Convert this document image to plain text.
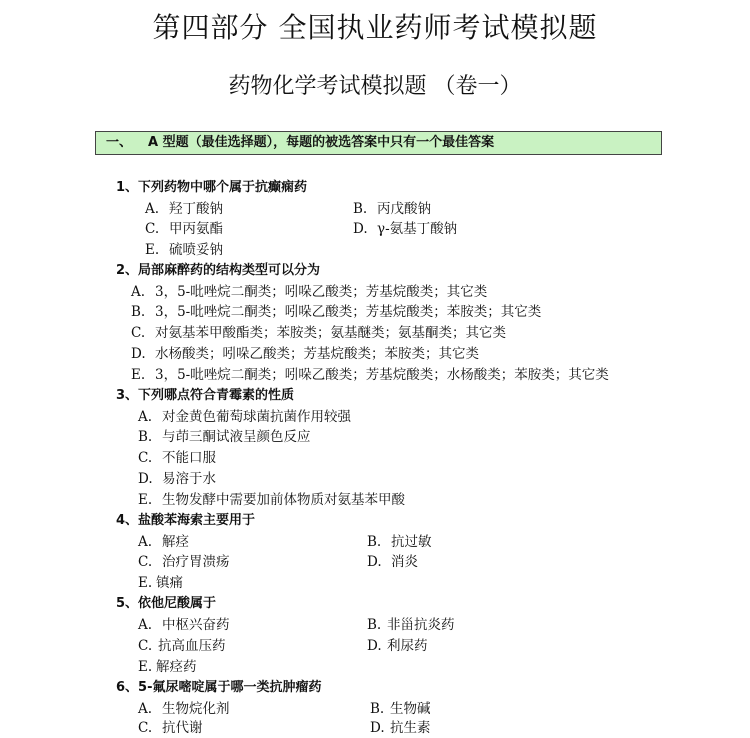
第四部分 全国执业药师考试模拟题
药物化学考试模拟题 （卷一）
一、 A 型题（最佳选择题），每题的被选答案中只有一个最佳答案
1、下列药物中哪个属于抗癫痫药
A. 羟丁酸钠	B. 丙戊酸钠
C. 甲丙氨酯	D. γ-氨基丁酸钠
E. 硫喷妥钠
2、局部麻醉药的结构类型可以分为
A. 3，5-吡唑烷二酮类；吲哚乙酸类；芳基烷酸类；其它类
B. 3，5-吡唑烷二酮类；吲哚乙酸类；芳基烷酸类；苯胺类；其它类
C. 对氨基苯甲酸酯类；苯胺类；氨基醚类；氨基酮类；其它类
D. 水杨酸类；吲哚乙酸类；芳基烷酸类；苯胺类；其它类
E. 3，5-吡唑烷二酮类；吲哚乙酸类；芳基烷酸类；水杨酸类；苯胺类；其它类
3、下列哪点符合青霉素的性质
A. 对金黄色葡萄球菌抗菌作用较强
B. 与茚三酮试液呈颜色反应
C. 不能口服
D. 易溶于水
E. 生物发酵中需要加前体物质对氨基苯甲酸
4、盐酸苯海索主要用于
A. 解痉	B. 抗过敏
C. 治疗胃溃疡	D. 消炎
E. 镇痛
5、依他尼酸属于
A. 中枢兴奋药	B. 非甾抗炎药
C. 抗高血压药	D. 利尿药
E. 解痉药
6、5-氟尿嘧啶属于哪一类抗肿瘤药
A. 生物烷化剂	B. 生物碱
C. 抗代谢	D. 抗生素
